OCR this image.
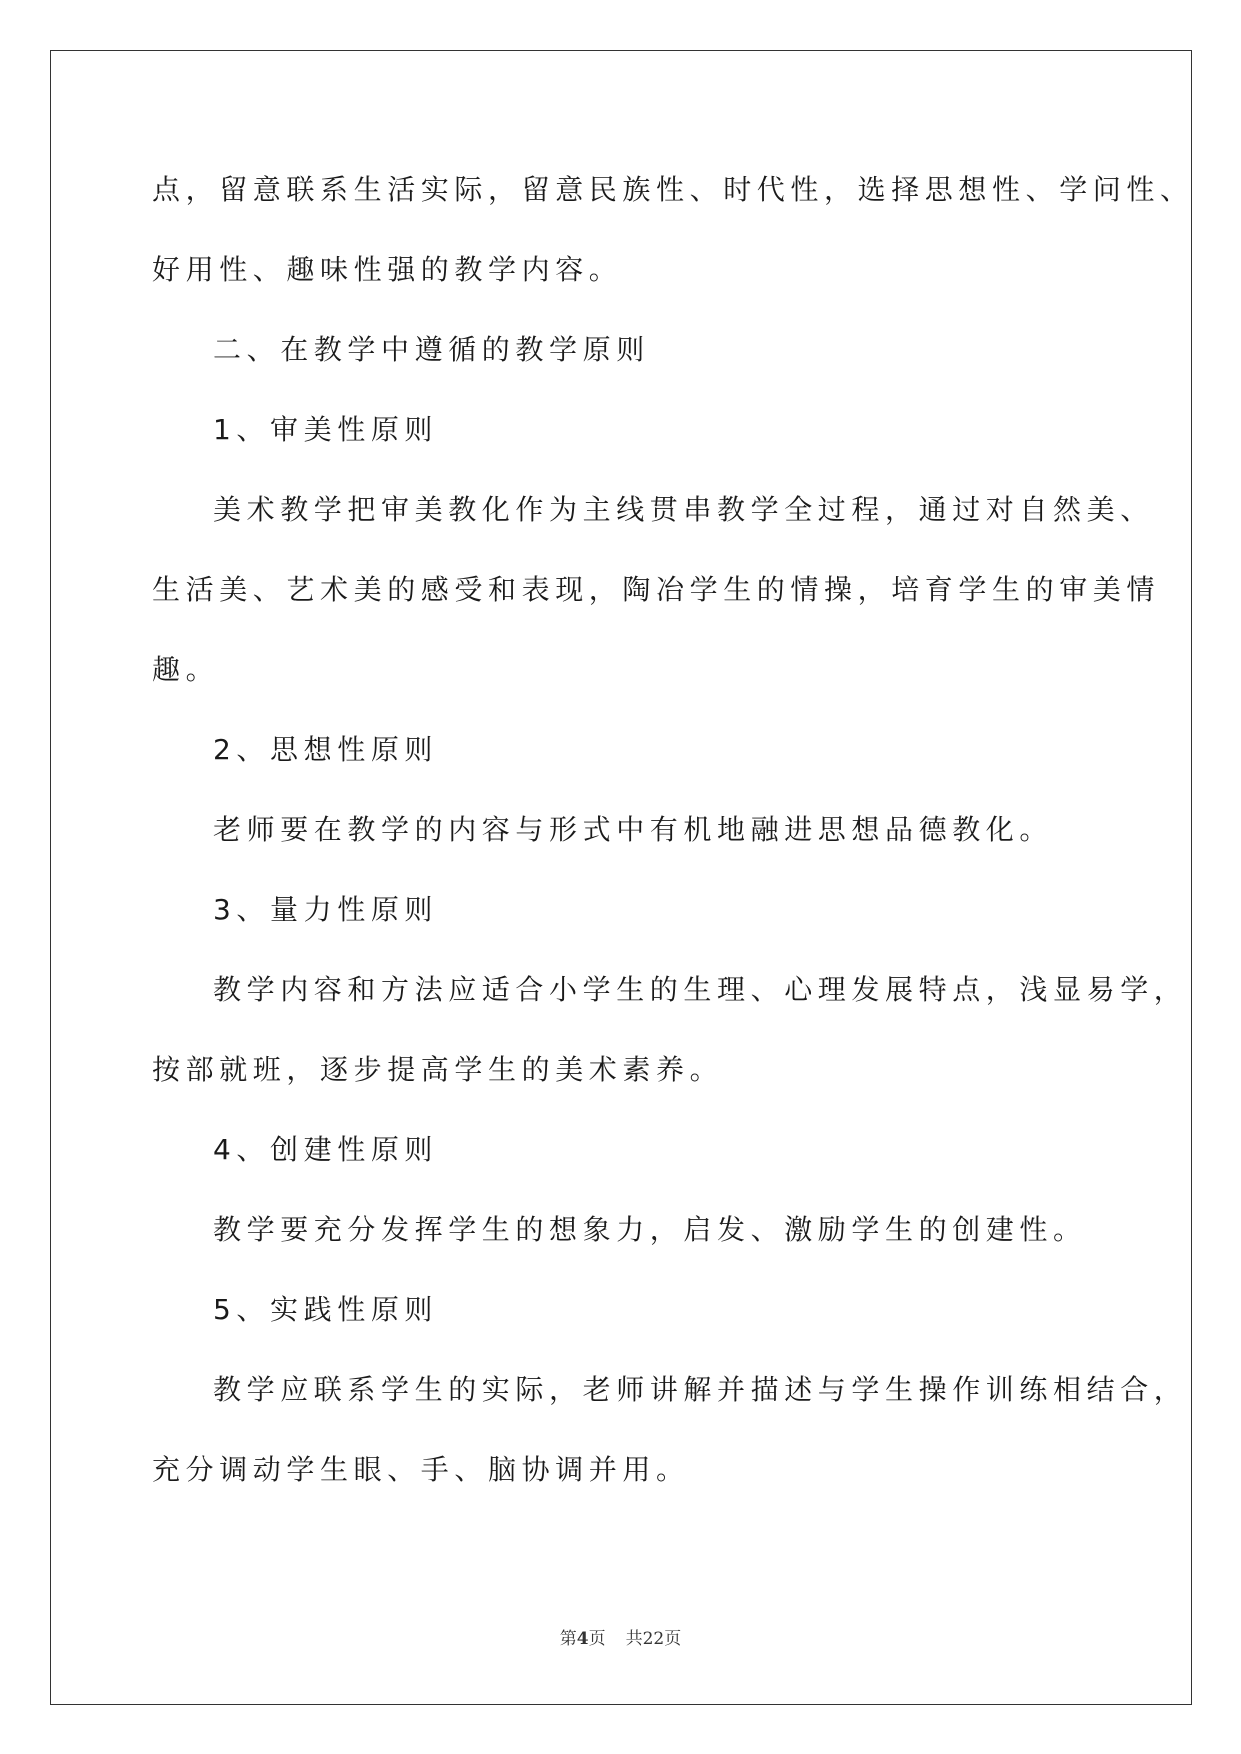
点，留意联系生活实际，留意民族性、时代性，选择思想性、学问性、
好用性、趣味性强的教学内容。
二、在教学中遵循的教学原则
1、审美性原则
美术教学把审美教化作为主线贯串教学全过程，通过对自然美、
生活美、艺术美的感受和表现，陶冶学生的情操，培育学生的审美情
趣。
2、思想性原则
老师要在教学的内容与形式中有机地融进思想品德教化。
3、量力性原则
教学内容和方法应适合小学生的生理、心理发展特点，浅显易学，
按部就班，逐步提高学生的美术素养。
4、创建性原则
教学要充分发挥学生的想象力，启发、激励学生的创建性。
5、实践性原则
教学应联系学生的实际，老师讲解并描述与学生操作训练相结合，
充分调动学生眼、手、脑协调并用。
第4页 共22页
